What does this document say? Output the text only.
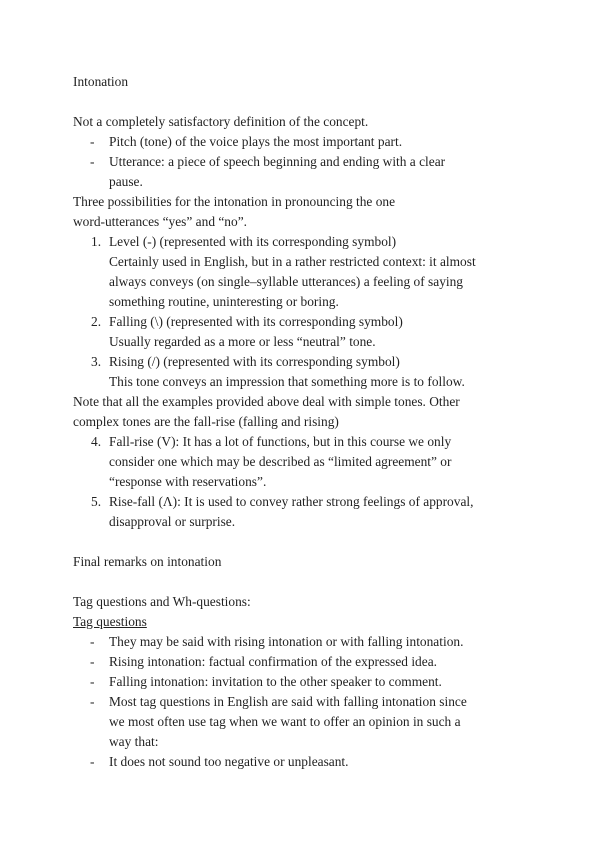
Intonation
Not a completely satisfactory definition of the concept.
- Pitch (tone) of the voice plays the most important part.
- Utterance: a piece of speech beginning and ending with a clear
pause.
Three possibilities for the intonation in pronouncing the one
word-utterances “yes” and “no”.
1. Level (-) (represented with its corresponding symbol)
Certainly used in English, but in a rather restricted context: it almost
always conveys (on single–syllable utterances) a feeling of saying
something routine, uninteresting or boring.
2. Falling (\) (represented with its corresponding symbol)
Usually regarded as a more or less “neutral” tone.
3. Rising (/) (represented with its corresponding symbol)
This tone conveys an impression that something more is to follow.
Note that all the examples provided above deal with simple tones. Other
complex tones are the fall-rise (falling and rising)
4. Fall-rise (V): It has a lot of functions, but in this course we only
consider one which may be described as “limited agreement” or
“response with reservations”.
5. Rise-fall (Λ): It is used to convey rather strong feelings of approval,
disapproval or surprise.
Final remarks on intonation
Tag questions and Wh-questions:
Tag questions
- They may be said with rising intonation or with falling intonation.
- Rising intonation: factual confirmation of the expressed idea.
- Falling intonation: invitation to the other speaker to comment.
- Most tag questions in English are said with falling intonation since
we most often use tag when we want to offer an opinion in such a
way that:
- It does not sound too negative or unpleasant.
